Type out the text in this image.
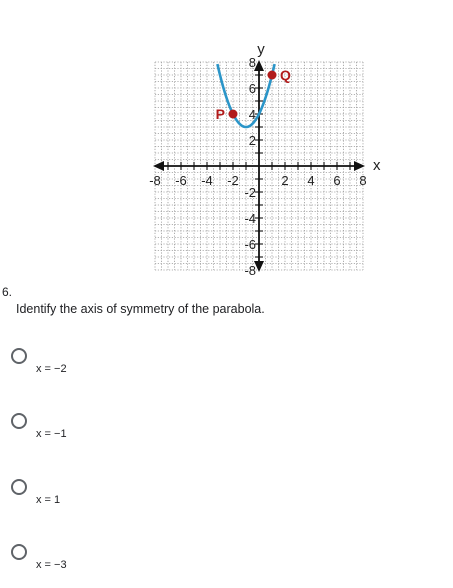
-8 -6 -4 -2	2 4 6 8
8
6
4
2
-2
-4
-6
-8
P
Q
x
y
6.
Identify the axis of symmetry of the parabola.
x = −2
x = −1
x = 1
x = −3
